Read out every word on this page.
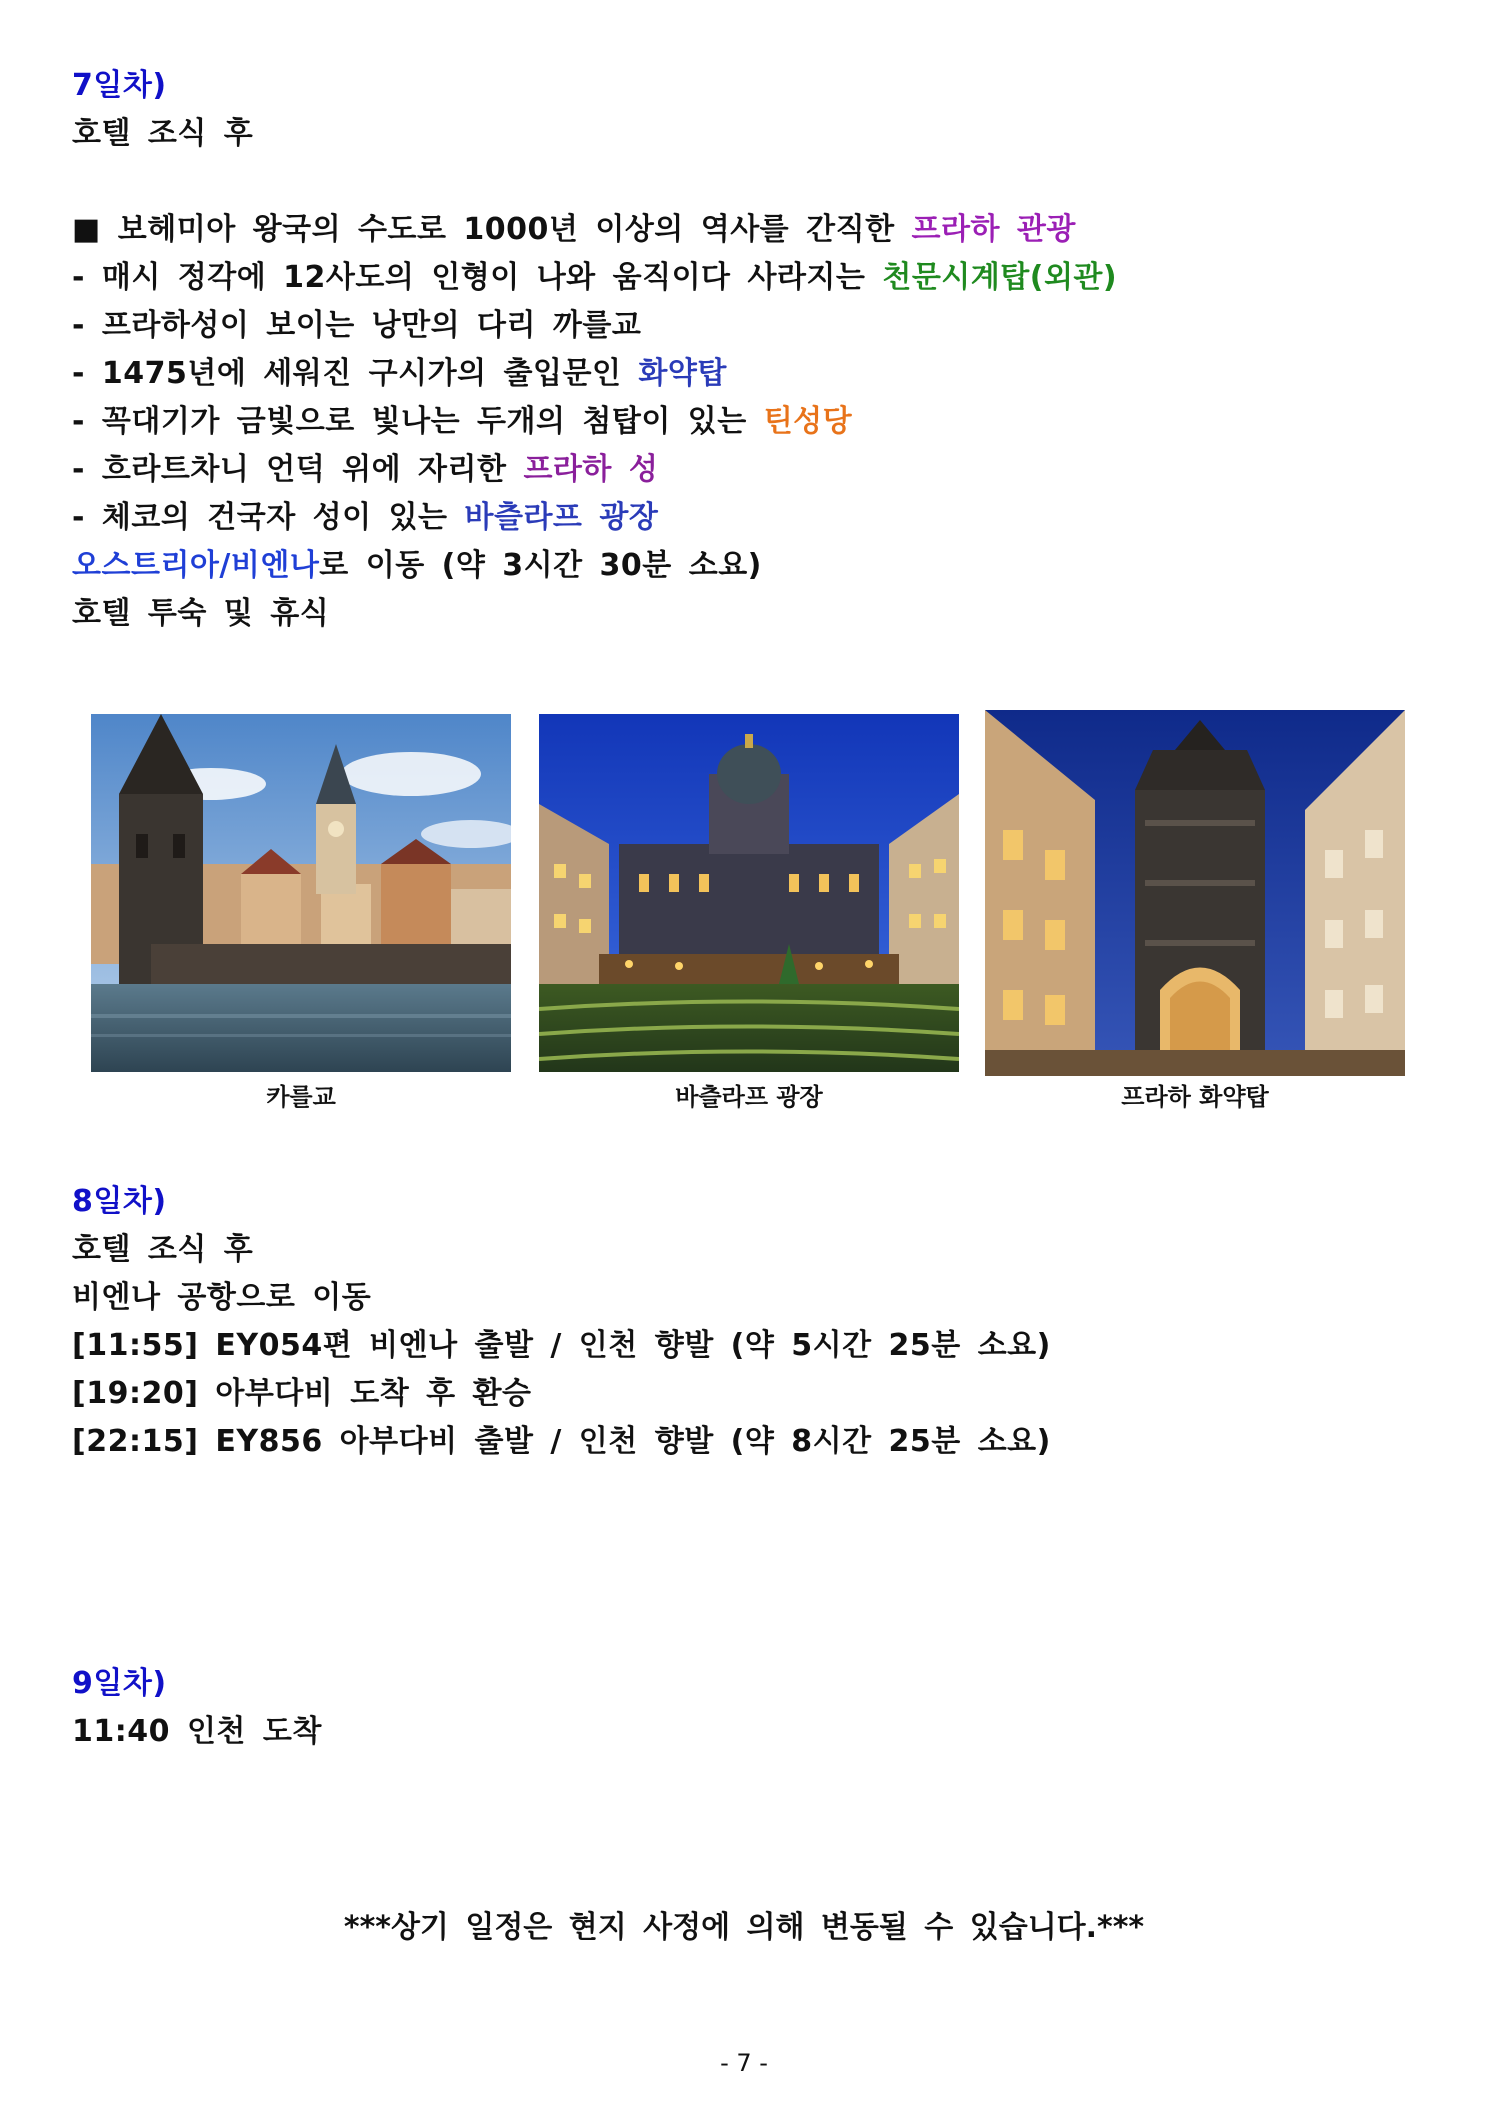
7일차)
호텔 조식 후
■ 보헤미아 왕국의 수도로 1000년 이상의 역사를 간직한 프라하 관광
- 매시 정각에 12사도의 인형이 나와 움직이다 사라지는 천문시계탑(외관)
- 프라하성이 보이는 낭만의 다리 까를교
- 1475년에 세워진 구시가의 출입문인 화약탑
- 꼭대기가 금빛으로 빛나는 두개의 첨탑이 있는 틴성당
- 흐라트차니 언덕 위에 자리한 프라하 성
- 체코의 건국자 성이 있는 바츨라프 광장
오스트리아/비엔나로 이동 (약 3시간 30분 소요)
호텔 투숙 및 휴식
카를교	바츨라프 광장	프라하 화약탑
8일차)
호텔 조식 후
비엔나 공항으로 이동
[11:55] EY054편 비엔나 출발 / 인천 향발 (약 5시간 25분 소요)
[19:20] 아부다비 도착 후 환승
[22:15] EY856 아부다비 출발 / 인천 향발 (약 8시간 25분 소요)
9일차)
11:40 인천 도착
***상기 일정은 현지 사정에 의해 변동될 수 있습니다.***
- 7 -
